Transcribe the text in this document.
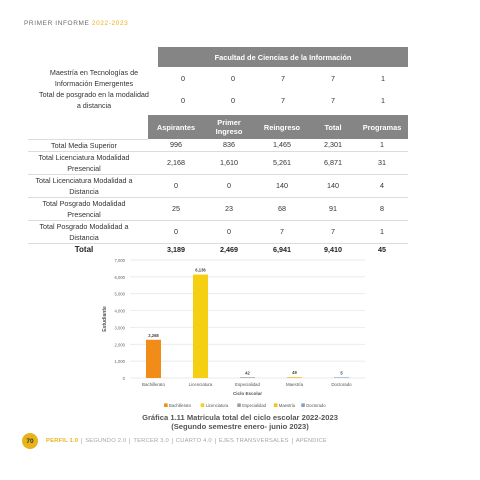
PRIMER INFORME 2022-2023
	Facultad de Ciencias de la Información				
Maestría en Tecnologías de Información Emergentes	0	0	7	7	1
Total de posgrado en la modalidad a distancia	0	0	7	7	1
	Aspirantes	Primer Ingreso	Reingreso	Total	Programas
Total Media Superior	996	836	1,465	2,301	1
Total Licenciatura Modalidad Presencial	2,168	1,610	5,261	6,871	31
Total Licenciatura Modalidad a Distancia	0	0	140	140	4
Total Posgrado Modalidad Presencial	25	23	68	91	8
Total Posgrado Modalidad a Distancia	0	0	7	7	1
Total	3,189	2,469	6,941	9,410	45
0
1,000
2,000
3,000
4,000
5,000
6,000
7,000
Estudiante
2,268
Bachillerato
6,136
Licenciatura
42
Especialidad
49
Maestría
5
Doctorado
Ciclo Escolar
Bachillerato	Licenciatura	Especialidad	Maestría	Doctorado
Gráfica 1.11 Matrícula total del ciclo escolar 2022-2023
(Segundo semestre enero- junio 2023)
70	PERFIL 1.0	SEGUNDO 2.0	TERCER 3.0	CUARTO 4.0	EJES TRANSVERSALES	APÉNDICE
